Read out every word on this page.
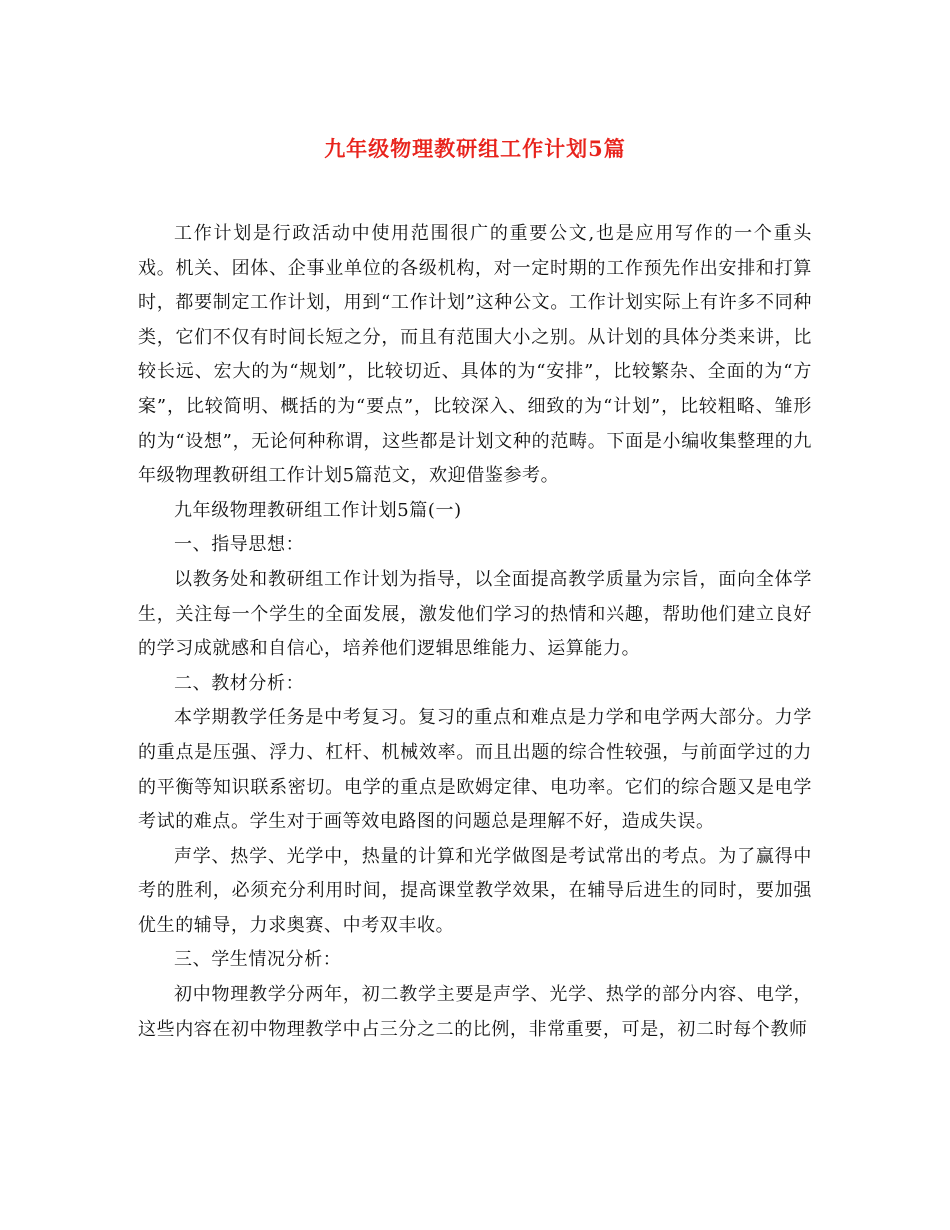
九年级物理教研组工作计划5篇

工作计划是行政活动中使用范围很广的重要公文,也是应用写作的一个重头戏。机关、团体、企事业单位的各级机构，对一定时期的工作预先作出安排和打算时，都要制定工作计划，用到“工作计划”这种公文。工作计划实际上有许多不同种类，它们不仅有时间长短之分，而且有范围大小之别。从计划的具体分类来讲，比较长远、宏大的为“规划”，比较切近、具体的为“安排”，比较繁杂、全面的为“方案”，比较简明、概括的为“要点”，比较深入、细致的为“计划”，比较粗略、雏形的为“设想”，无论何种称谓，这些都是计划文种的范畴。下面是小编收集整理的九年级物理教研组工作计划5篇范文，欢迎借鉴参考。

九年级物理教研组工作计划5篇(一)

一、指导思想：

以教务处和教研组工作计划为指导，以全面提高教学质量为宗旨，面向全体学生，关注每一个学生的全面发展，激发他们学习的热情和兴趣，帮助他们建立良好的学习成就感和自信心，培养他们逻辑思维能力、运算能力。

二、教材分析：

本学期教学任务是中考复习。复习的重点和难点是力学和电学两大部分。力学的重点是压强、浮力、杠杆、机械效率。而且出题的综合性较强，与前面学过的力的平衡等知识联系密切。电学的重点是欧姆定律、电功率。它们的综合题又是电学考试的难点。学生对于画等效电路图的问题总是理解不好，造成失误。

声学、热学、光学中，热量的计算和光学做图是考试常出的考点。为了赢得中考的胜利，必须充分利用时间，提高课堂教学效果，在辅导后进生的同时，要加强优生的辅导，力求奥赛、中考双丰收。

三、学生情况分析：

初中物理教学分两年，初二教学主要是声学、光学、热学的部分内容、电学，这些内容在初中物理教学中占三分之二的比例，非常重要，可是，初二时每个教师
